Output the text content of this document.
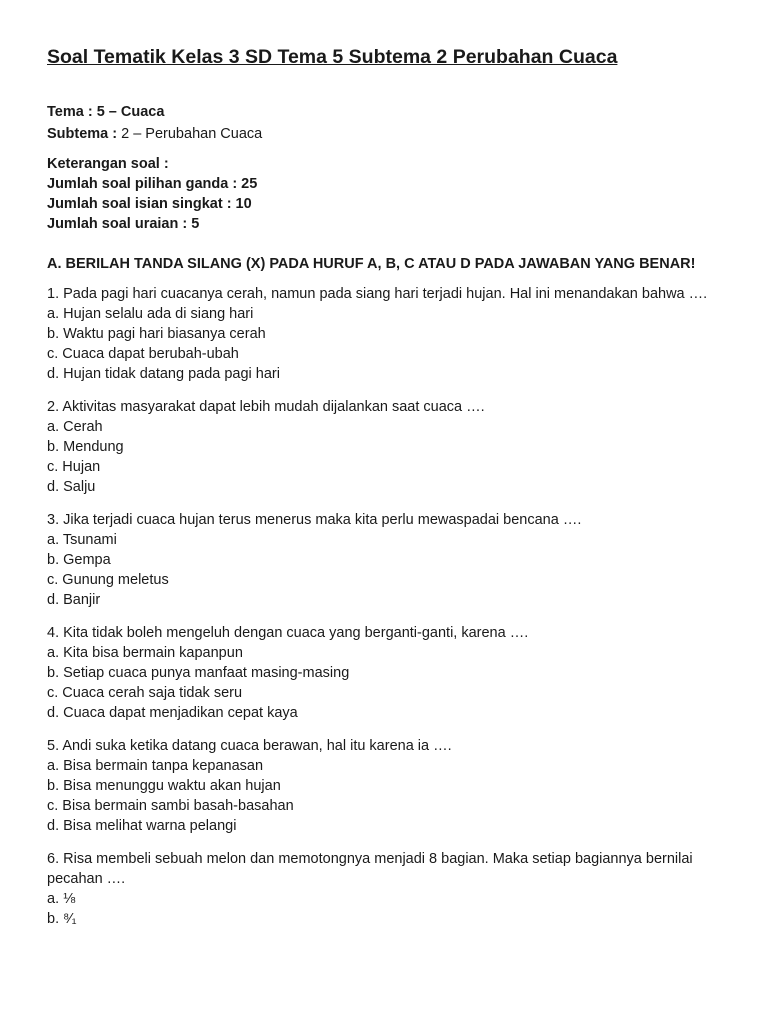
Soal Tematik Kelas 3 SD Tema 5 Subtema 2 Perubahan Cuaca

Tema : 5 – Cuaca

Subtema : 2 – Perubahan Cuaca

Keterangan soal :

Jumlah soal pilihan ganda : 25

Jumlah soal isian singkat : 10

Jumlah soal uraian : 5

A. BERILAH TANDA SILANG (X) PADA HURUF A, B, C ATAU D PADA JAWABAN YANG BENAR!

1. Pada pagi hari cuacanya cerah, namun pada siang hari terjadi hujan. Hal ini menandakan bahwa ….

a. Hujan selalu ada di siang hari

b. Waktu pagi hari biasanya cerah

c. Cuaca dapat berubah-ubah

d. Hujan tidak datang pada pagi hari

2. Aktivitas masyarakat dapat lebih mudah dijalankan saat cuaca ….

a. Cerah

b. Mendung

c. Hujan

d. Salju

3. Jika terjadi cuaca hujan terus menerus maka kita perlu mewaspadai bencana ….

a. Tsunami

b. Gempa

c. Gunung meletus

d. Banjir

4. Kita tidak boleh mengeluh dengan cuaca yang berganti-ganti, karena ….

a. Kita bisa bermain kapanpun

b. Setiap cuaca punya manfaat masing-masing

c. Cuaca cerah saja tidak seru

d. Cuaca dapat menjadikan cepat kaya

5. Andi suka ketika datang cuaca berawan, hal itu karena ia ….

a. Bisa bermain tanpa kepanasan

b. Bisa menunggu waktu akan hujan

c. Bisa bermain sambi basah-basahan

d. Bisa melihat warna pelangi

6. Risa membeli sebuah melon dan memotongnya menjadi 8 bagian. Maka setiap bagiannya bernilai pecahan ….

a. ⅛

b. ⁸⁄₁
